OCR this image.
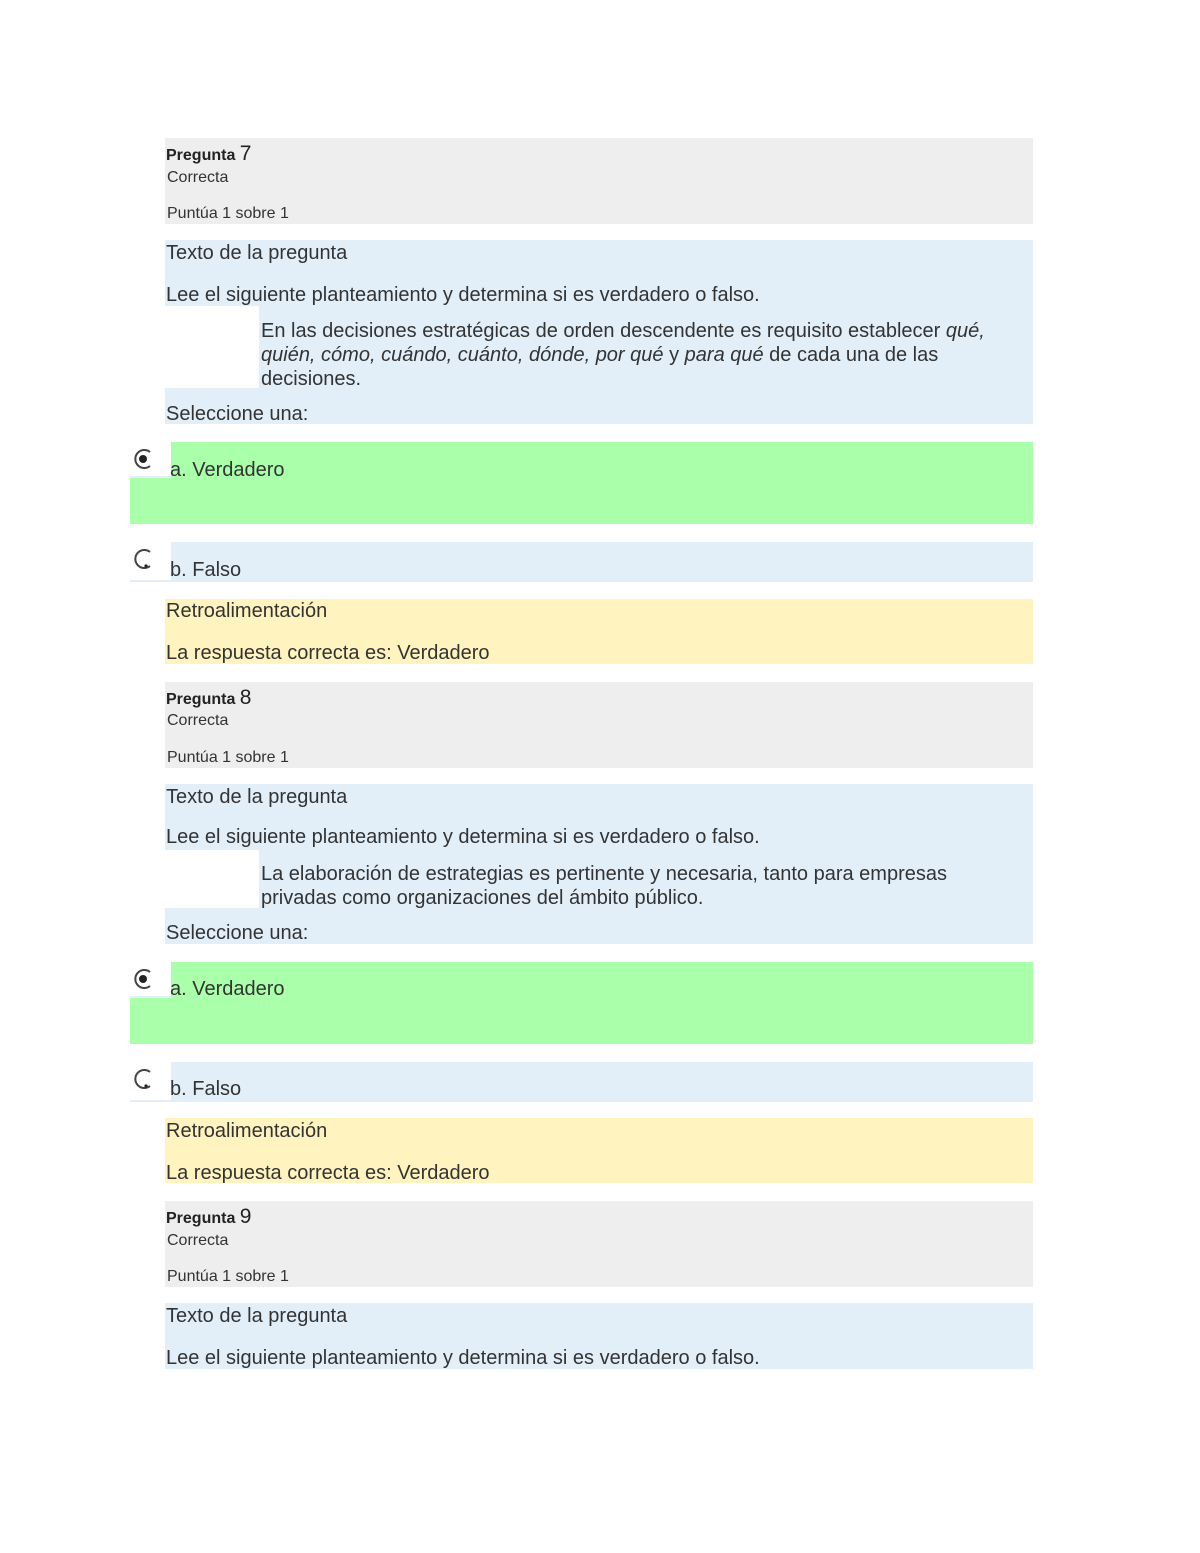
Pregunta 7
Correcta
Puntúa 1 sobre 1
Texto de la pregunta
Lee el siguiente planteamiento y determina si es verdadero o falso.
En las decisiones estratégicas de orden descendente es requisito establecer qué, quién, cómo, cuándo, cuánto, dónde, por qué y para qué de cada una de las decisiones.
Seleccione una:
a. Verdadero
b. Falso
Retroalimentación
La respuesta correcta es: Verdadero
Pregunta 8
Correcta
Puntúa 1 sobre 1
Texto de la pregunta
Lee el siguiente planteamiento y determina si es verdadero o falso.
La elaboración de estrategias es pertinente y necesaria, tanto para empresas privadas como organizaciones del ámbito público.
Seleccione una:
a. Verdadero
b. Falso
Retroalimentación
La respuesta correcta es: Verdadero
Pregunta 9
Correcta
Puntúa 1 sobre 1
Texto de la pregunta
Lee el siguiente planteamiento y determina si es verdadero o falso.
